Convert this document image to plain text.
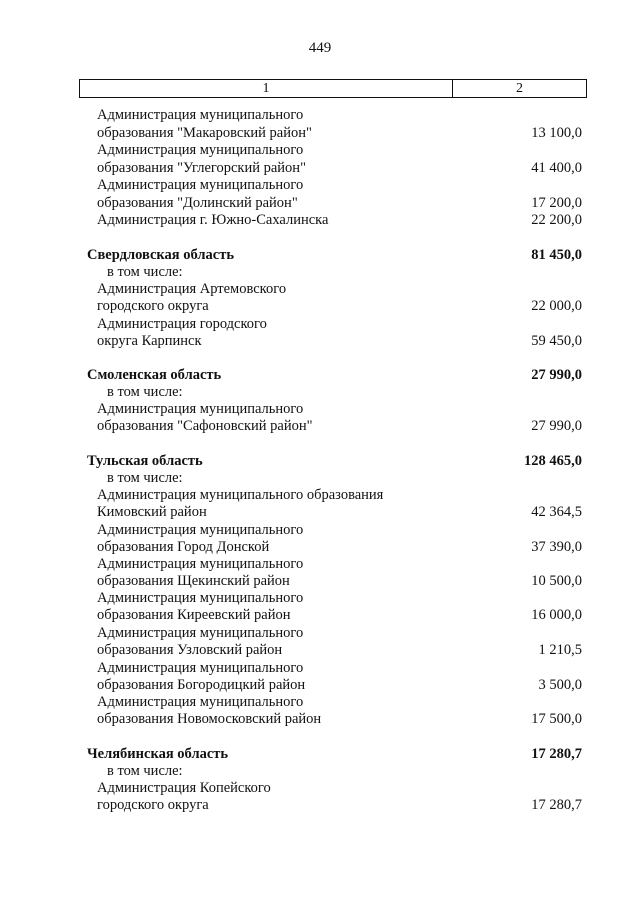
449
1	2
Администрация муниципального
образования "Макаровский район"	13 100,0
Администрация муниципального
образования "Углегорский район"	41 400,0
Администрация муниципального
образования "Долинский район"	17 200,0
Администрация г. Южно-Сахалинска	22 200,0
Свердловская область	81 450,0
в том числе:
Администрация Артемовского
городского округа	22 000,0
Администрация городского
округа Карпинск	59 450,0
Смоленская область	27 990,0
в том числе:
Администрация муниципального
образования "Сафоновский район"	27 990,0
Тульская область	128 465,0
в том числе:
Администрация муниципального образования
Кимовский район	42 364,5
Администрация муниципального
образования Город Донской	37 390,0
Администрация муниципального
образования Щекинский район	10 500,0
Администрация муниципального
образования Киреевский район	16 000,0
Администрация муниципального
образования Узловский район	1 210,5
Администрация муниципального
образования Богородицкий район	3 500,0
Администрация муниципального
образования Новомосковский район	17 500,0
Челябинская область	17 280,7
в том числе:
Администрация Копейского
городского округа	17 280,7
